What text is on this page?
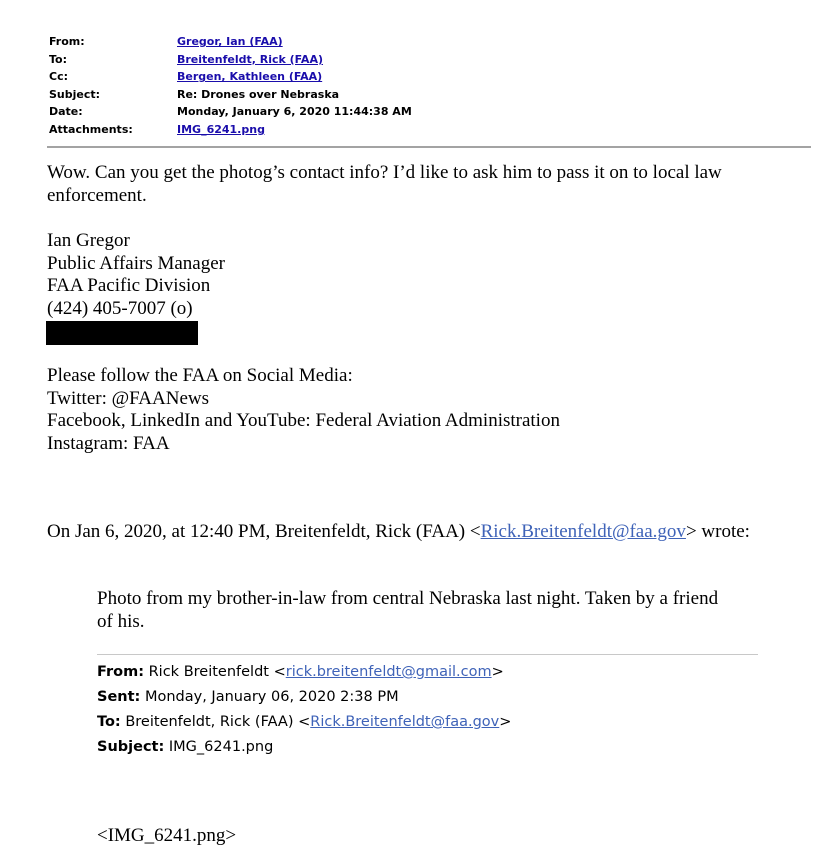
From:	Gregor, Ian (FAA)
To:	Breitenfeldt, Rick (FAA)
Cc:	Bergen, Kathleen (FAA)
Subject:	Re: Drones over Nebraska
Date:	Monday, January 6, 2020 11:44:38 AM
Attachments:	IMG_6241.png
Wow. Can you get the photog’s contact info? I’d like to ask him to pass it on to local law
enforcement.
Ian Gregor
Public Affairs Manager
FAA Pacific Division
(424) 405-7007 (o)
Please follow the FAA on Social Media:
Twitter: @FAANews
Facebook, LinkedIn and YouTube: Federal Aviation Administration
Instagram: FAA
On Jan 6, 2020, at 12:40 PM, Breitenfeldt, Rick (FAA) <Rick.Breitenfeldt@faa.gov> wrote:
Photo from my brother-in-law from central Nebraska last night. Taken by a friend
of his.
From: Rick Breitenfeldt <rick.breitenfeldt@gmail.com>
Sent: Monday, January 06, 2020 2:38 PM
To: Breitenfeldt, Rick (FAA) <Rick.Breitenfeldt@faa.gov>
Subject: IMG_6241.png
<IMG_6241.png>
